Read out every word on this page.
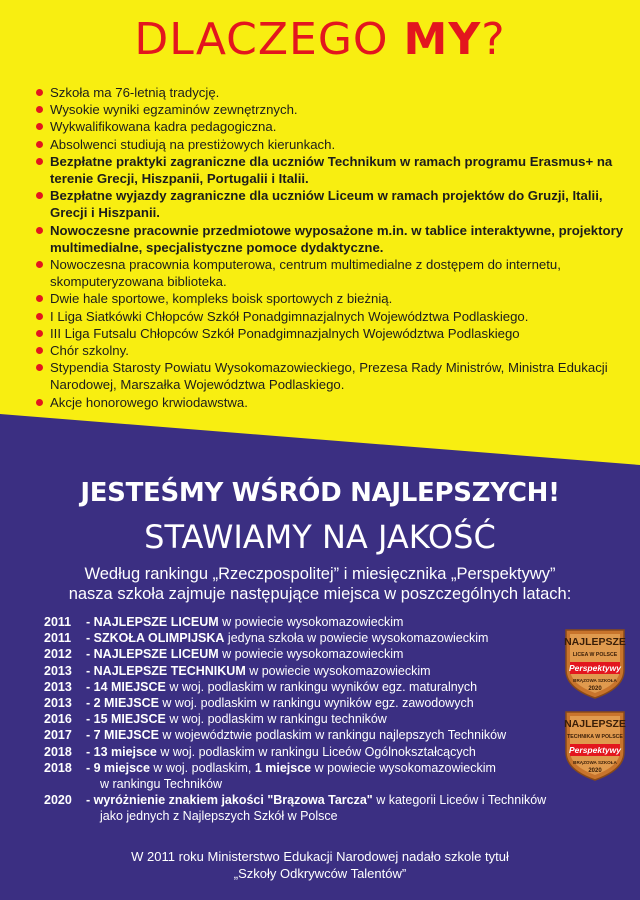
DLACZEGO MY?
Szkoła ma 76-letnią tradycję.
Wysokie wyniki egzaminów zewnętrznych.
Wykwalifikowana kadra pedagogiczna.
Absolwenci studiują na prestiżowych kierunkach.
Bezpłatne praktyki zagraniczne dla uczniów Technikum w ramach programu Erasmus+ na terenie Grecji, Hiszpanii, Portugalii i Italii.
Bezpłatne wyjazdy zagraniczne dla uczniów Liceum w ramach projektów do Gruzji, Italii, Grecji i Hiszpanii.
Nowoczesne pracownie przedmiotowe wyposażone m.in. w tablice interaktywne, projektory multimedialne, specjalistyczne pomoce dydaktyczne.
Nowoczesna pracownia komputerowa, centrum multimedialne z dostępem do internetu, skomputeryzowana biblioteka.
Dwie hale sportowe, kompleks boisk sportowych z bieżnią.
I Liga Siatkówki Chłopców Szkół Ponadgimnazjalnych Województwa Podlaskiego.
III Liga Futsalu Chłopców Szkół Ponadgimnazjalnych Województwa Podlaskiego
Chór szkolny.
Stypendia Starosty Powiatu Wysokomazowieckiego, Prezesa Rady Ministrów, Ministra Edukacji Narodowej, Marszałka Województwa Podlaskiego.
Akcje honorowego krwiodawstwa.
JESTEŚMY WŚRÓD NAJLEPSZYCH!
STAWIAMY NA JAKOŚĆ
Według rankingu „Rzeczpospolitej” i miesięcznika „Perspektywy”
nasza szkoła zajmuje następujące miejsca w poszczególnych latach:
2011	- NAJLEPSZE LICEUM w powiecie wysokomazowieckim
2011	- SZKOŁA OLIMPIJSKA jedyna szkoła w powiecie wysokomazowieckim
2012	- NAJLEPSZE LICEUM w powiecie wysokomazowieckim
2013	- NAJLEPSZE TECHNIKUM w powiecie wysokomazowieckim
2013	- 14 MIEJSCE w woj. podlaskim w rankingu wyników egz. maturalnych
2013	- 2 MIEJSCE w woj. podlaskim w rankingu wyników egz. zawodowych
2016	- 15 MIEJSCE w woj. podlaskim w rankingu techników
2017	- 7 MIEJSCE w województwie podlaskim w rankingu najlepszych Techników
2018	- 13 miejsce w woj. podlaskim w rankingu Liceów Ogólnokształcących
2018	- 9 miejsce w woj. podlaskim, 1 miejsce w powiecie wysokomazowieckim
w rankingu Techników
2020	- wyróżnienie znakiem jakości "Brązowa Tarcza" w kategorii Liceów i Techników
jako jednych z Najlepszych Szkół w Polsce
NAJLEPSZE
LICEA W POLSCE
Perspektywy
BRĄZOWA SZKOŁA
2020
NAJLEPSZE
TECHNIKA W POLSCE
Perspektywy
BRĄZOWA SZKOŁA
2020
W 2011 roku Ministerstwo Edukacji Narodowej nadało szkole tytuł
„Szkoły Odkrywców Talentów”
